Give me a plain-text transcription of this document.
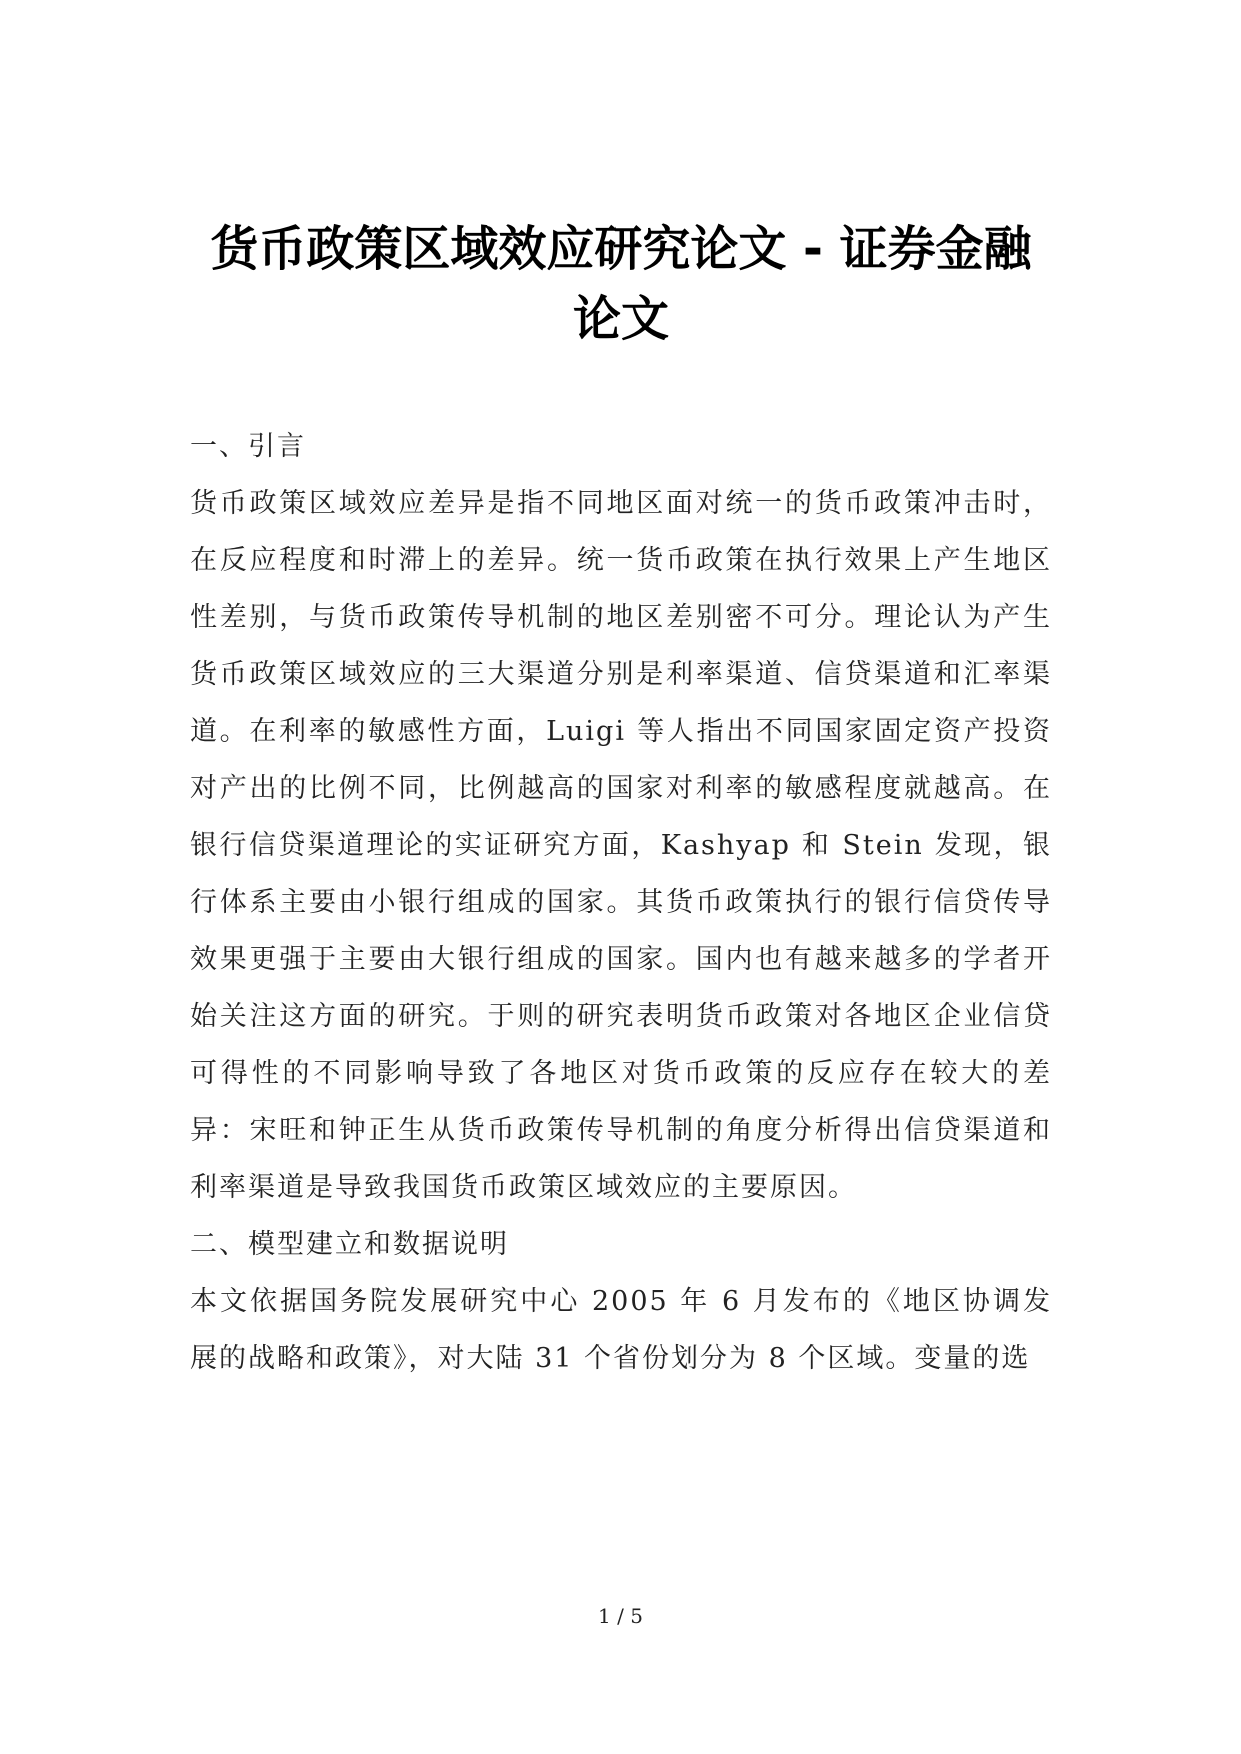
货币政策区域效应研究论文 - 证券金融论文

一、引言

货币政策区域效应差异是指不同地区面对统一的货币政策冲击时，在反应程度和时滞上的差异。统一货币政策在执行效果上产生地区性差别，与货币政策传导机制的地区差别密不可分。理论认为产生货币政策区域效应的三大渠道分别是利率渠道、信贷渠道和汇率渠道。在利率的敏感性方面，Luigi 等人指出不同国家固定资产投资对产出的比例不同，比例越高的国家对利率的敏感程度就越高。在银行信贷渠道理论的实证研究方面，Kashyap 和 Stein 发现，银行体系主要由小银行组成的国家。其货币政策执行的银行信贷传导效果更强于主要由大银行组成的国家。国内也有越来越多的学者开始关注这方面的研究。于则的研究表明货币政策对各地区企业信贷可得性的不同影响导致了各地区对货币政策的反应存在较大的差异：宋旺和钟正生从货币政策传导机制的角度分析得出信贷渠道和利率渠道是导致我国货币政策区域效应的主要原因。

二、模型建立和数据说明

本文依据国务院发展研究中心 2005 年 6 月发布的《地区协调发展的战略和政策》，对大陆 31 个省份划分为 8 个区域。变量的选

1 / 5
